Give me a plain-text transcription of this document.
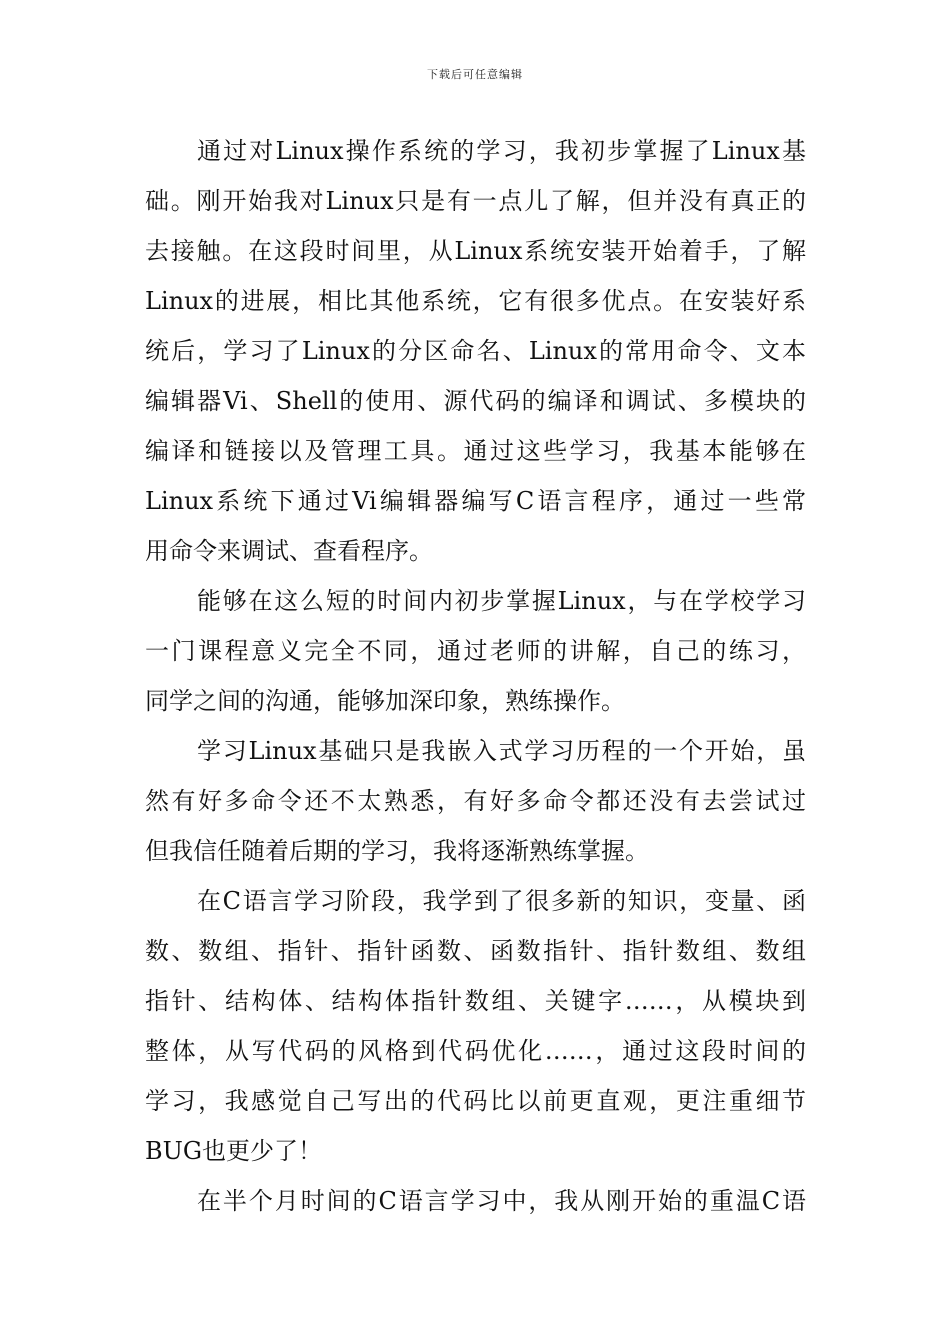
下载后可任意编辑
通过对Linux操作系统的学习，我初步掌握了Linux基
础。刚开始我对Linux只是有一点儿了解，但并没有真正的
去接触。在这段时间里，从Linux系统安装开始着手，了解
Linux的进展，相比其他系统，它有很多优点。在安装好系
统后，学习了Linux的分区命名、Linux的常用命令、文本
编辑器Vi、Shell的使用、源代码的编译和调试、多模块的
编译和链接以及管理工具。通过这些学习，我基本能够在
Linux系统下通过Vi编辑器编写C语言程序，通过一些常
用命令来调试、查看程序。
能够在这么短的时间内初步掌握Linux，与在学校学习
一门课程意义完全不同，通过老师的讲解，自己的练习，
同学之间的沟通，能够加深印象，熟练操作。
学习Linux基础只是我嵌入式学习历程的一个开始，虽
然有好多命令还不太熟悉，有好多命令都还没有去尝试过
但我信任随着后期的学习，我将逐渐熟练掌握。
在C语言学习阶段，我学到了很多新的知识，变量、函
数、数组、指针、指针函数、函数指针、指针数组、数组
指针、结构体、结构体指针数组、关键字……，从模块到
整体，从写代码的风格到代码优化……，通过这段时间的
学习，我感觉自己写出的代码比以前更直观，更注重细节
BUG也更少了！
在半个月时间的C语言学习中，我从刚开始的重温C语
